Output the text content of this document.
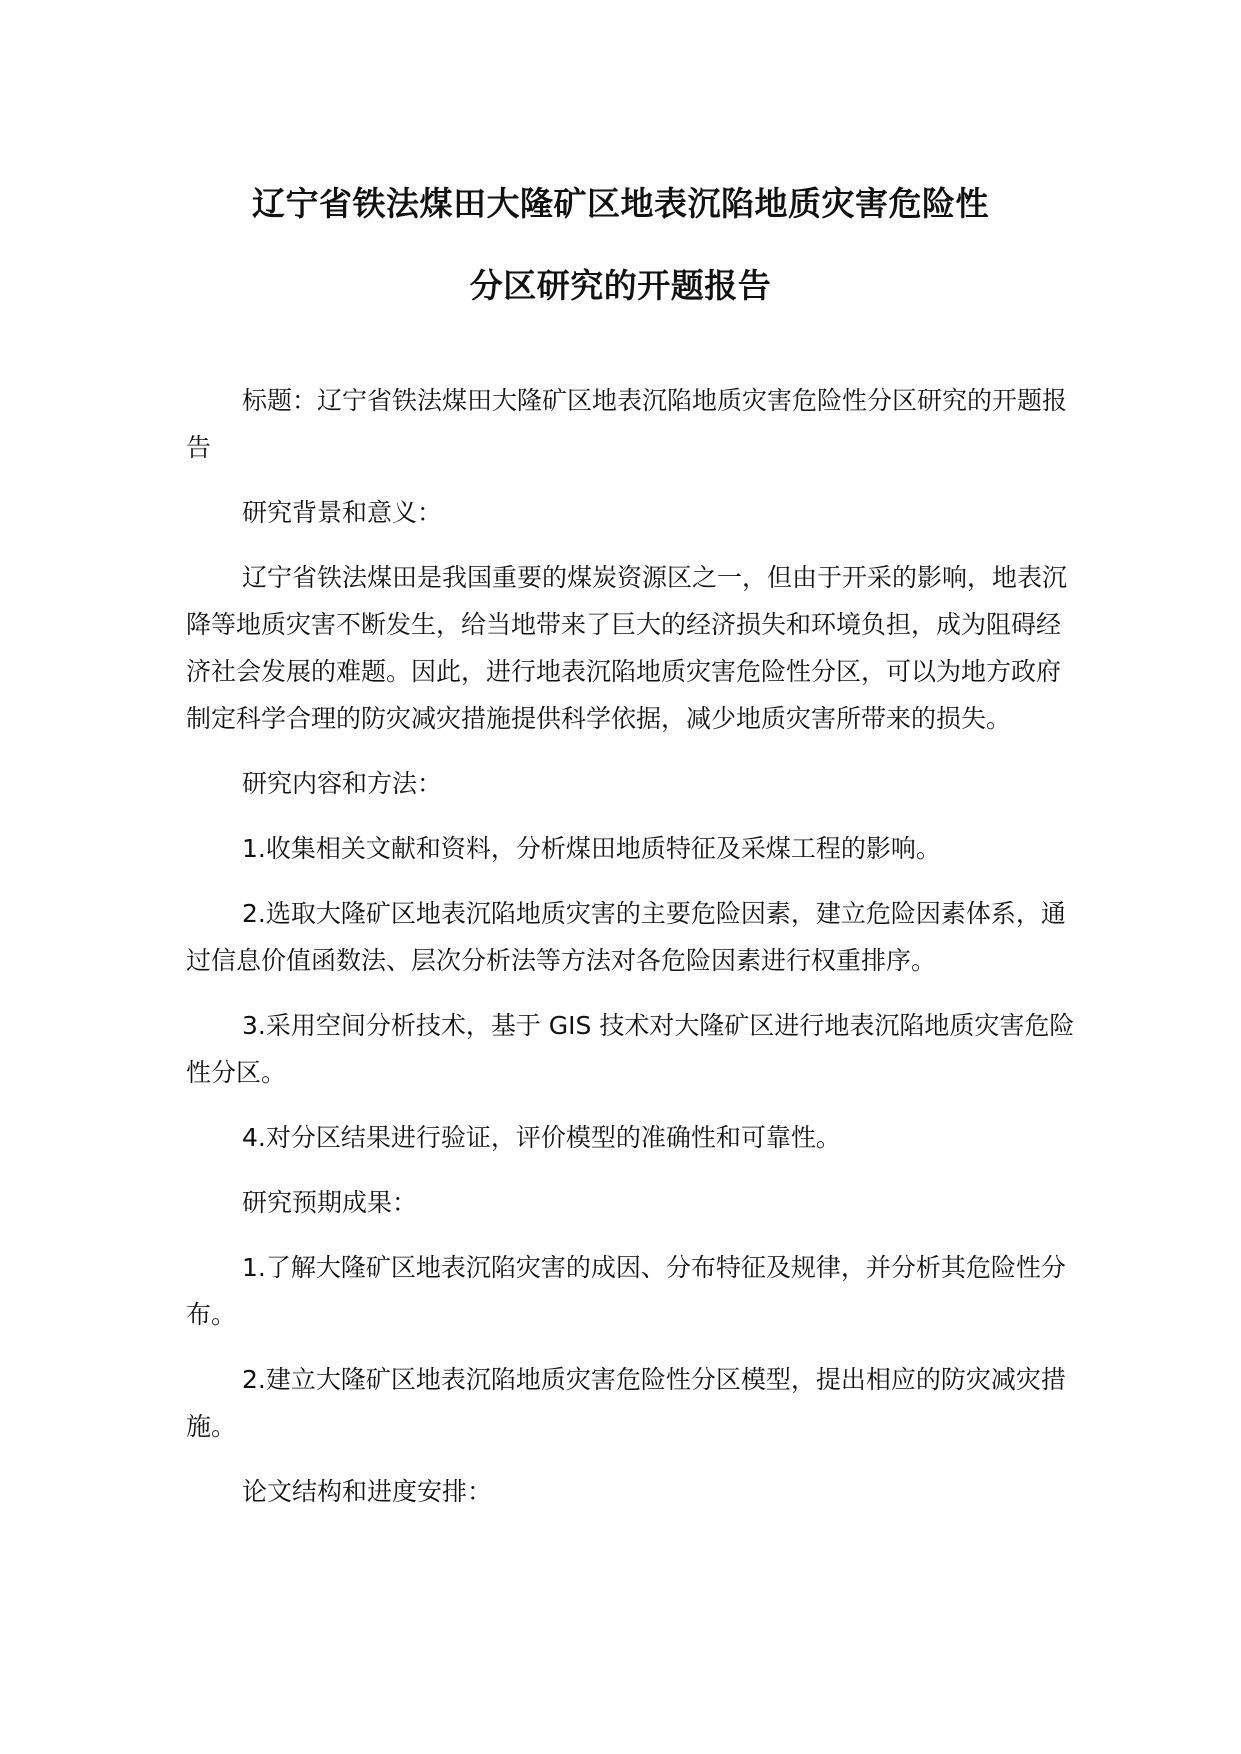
辽宁省铁法煤田大隆矿区地表沉陷地质灾害危险性
分区研究的开题报告

标题：辽宁省铁法煤田大隆矿区地表沉陷地质灾害危险性分区研究的开题报告

研究背景和意义：

辽宁省铁法煤田是我国重要的煤炭资源区之一，但由于开采的影响，地表沉降等地质灾害不断发生，给当地带来了巨大的经济损失和环境负担，成为阻碍经济社会发展的难题。因此，进行地表沉陷地质灾害危险性分区，可以为地方政府制定科学合理的防灾减灾措施提供科学依据，减少地质灾害所带来的损失。

研究内容和方法：

1.收集相关文献和资料，分析煤田地质特征及采煤工程的影响。

2.选取大隆矿区地表沉陷地质灾害的主要危险因素，建立危险因素体系，通过信息价值函数法、层次分析法等方法对各危险因素进行权重排序。

3.采用空间分析技术，基于 GIS 技术对大隆矿区进行地表沉陷地质灾害危险性分区。

4.对分区结果进行验证，评价模型的准确性和可靠性。

研究预期成果：

1.了解大隆矿区地表沉陷灾害的成因、分布特征及规律，并分析其危险性分布。

2.建立大隆矿区地表沉陷地质灾害危险性分区模型，提出相应的防灾减灾措施。

论文结构和进度安排：
